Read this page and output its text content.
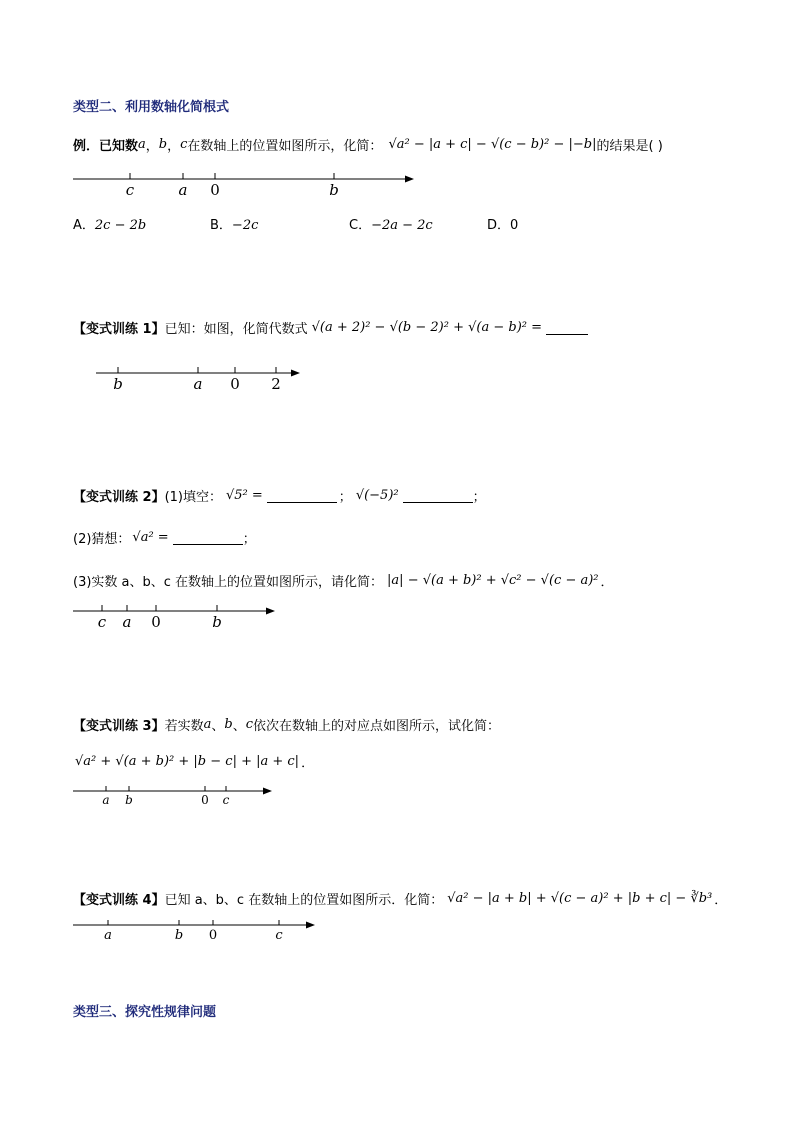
类型二、利用数轴化简根式
例．已知数 a ， b ， c 在数轴上的位置如图所示，化简： √a² − |a + c| − √(c − b)² − |−b| 的结果是( )
c	a 0	b
b	a 0 2
c a 0	b
a b	0 c
a	b 0	c
A．2c − 2b	B．−2c	C．−2a − 2c	D．0
【变式训练 1】 已知：如图，化简代数式 √(a + 2)² − √(b − 2)² + √(a − b)² =
【变式训练 2】 (1)填空： √5² =	； √(−5)²	；
(2)猜想： √a² =	；
(3)实数 a、b、c 在数轴上的位置如图所示，请化简： |a| − √(a + b)² + √c² − √(c − a)² ．
【变式训练 3】 若实数 a 、 b 、 c 依次在数轴上的对应点如图所示，试化简：
√a² + √(a + b)² + |b − c| + |a + c| ．
【变式训练 4】 已知 a、b、c 在数轴上的位置如图所示．化简： √a² − |a + b| + √(c − a)² + |b + c| − ∛b³ ．
类型三、探究性规律问题
